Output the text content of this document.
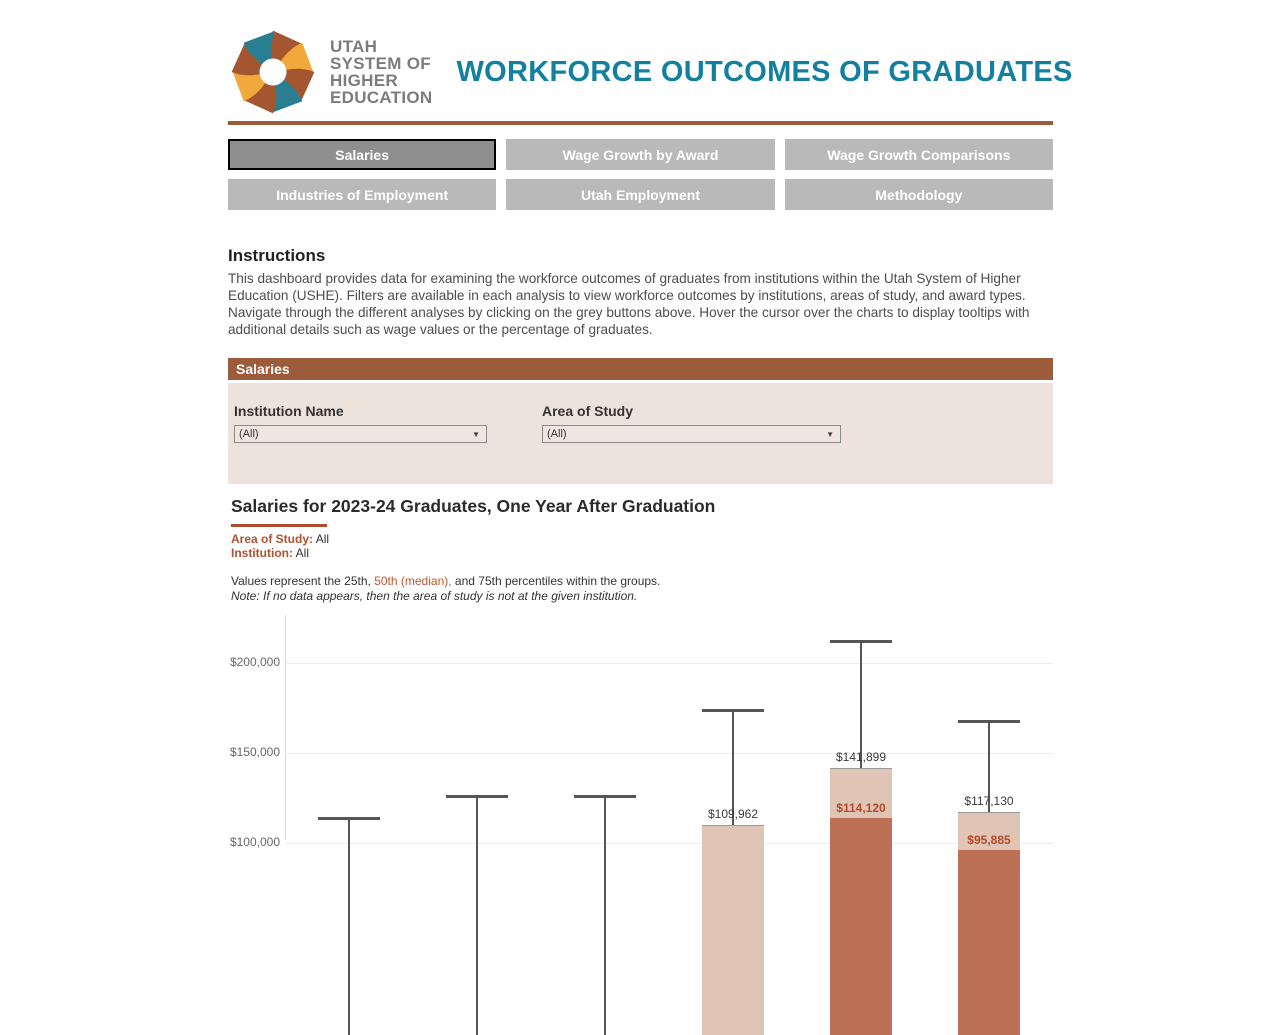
UTAH
SYSTEM OF
HIGHER
EDUCATION
WORKFORCE OUTCOMES OF GRADUATES
Salaries	Wage Growth by Award	Wage Growth Comparisons
Industries of Employment	Utah Employment	Methodology
Instructions

This dashboard provides data for examining the workforce outcomes of graduates from institutions within the Utah System of Higher Education (USHE). Filters are available in each analysis to view workforce outcomes by institutions, areas of study, and award types. Navigate through the different analyses by clicking on the grey buttons above. Hover the cursor over the charts to display tooltips with additional details such as wage values or the percentage of graduates.

Salaries
Institution Name
(All)	▼
Area of Study
(All)	▼
Salaries for 2023-24 Graduates, One Year After Graduation
Area of Study: All
Institution: All
Values represent the 25th, 50th (median), and 75th percentiles within the groups.
Note: If no data appears, then the area of study is not at the given institution.
$200,000
$150,000
$100,000
$109,962
$141,899
$114,120	$117,130
$95,885
